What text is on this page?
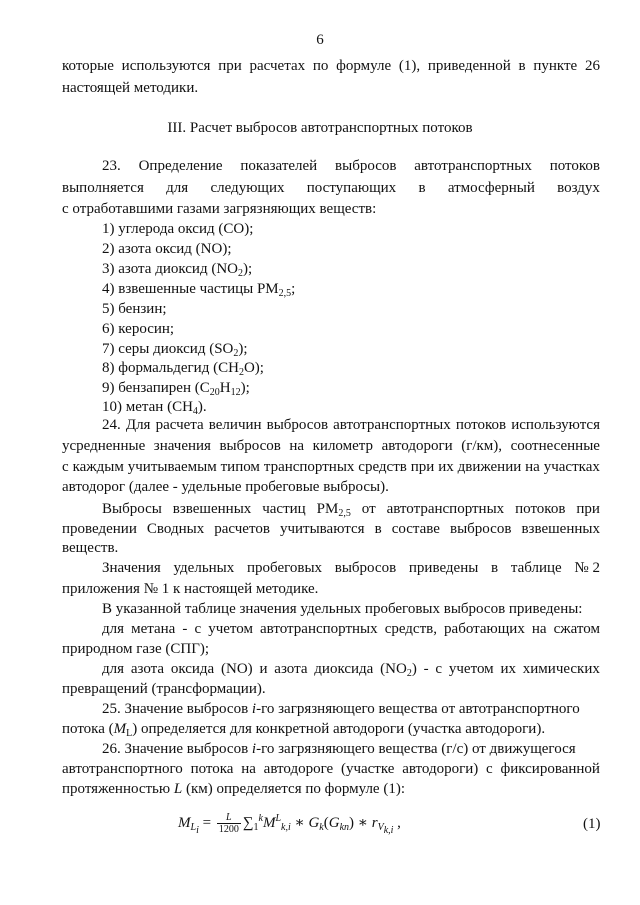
6
которые используются при расчетах по формуле (1), приведенной в пункте 26
настоящей методики.
III. Расчет выбросов автотранспортных потоков
23. Определение показателей выбросов автотранспортных потоков
выполняется для следующих поступающих в атмосферный воздух
с отработавшими газами загрязняющих веществ:
1) углерода оксид (CO);
2) азота оксид (NO);
3) азота диоксид $(NO_2)$;
4) взвешенные частицы $PM_{2,5}$;
5) бензин;
6) керосин;
7) серы диоксид $(SO_2)$;
8) формальдегид $(CH_2O)$;
9) бензапирен $(C_{20}H_{12})$;
10) метан $(CH_4)$.
24. Для расчета величин выбросов автотранспортных потоков используются
усредненные значения выбросов на километр автодороги (г/км), соотнесенные
с каждым учитываемым типом транспортных средств при их движении на участках
автодорог (далее - удельные пробеговые выбросы).
Выбросы взвешенных частиц $PM_{2,5}$ от автотранспортных потоков при
проведении Сводных расчетов учитываются в составе выбросов взвешенных
веществ.
Значения удельных пробеговых выбросов приведены в таблице № 2
приложения № 1 к настоящей методике.
В указанной таблице значения удельных пробеговых выбросов приведены:
для метана - с учетом автотранспортных средств, работающих на сжатом
природном газе (СПГ);
для азота оксида (NO) и азота диоксида $(NO_2)$ - с учетом их химических
превращений (трансформации).
25. Значение выбросов i-го загрязняющего вещества от автотранспортного
потока $(M_L)$ определяется для конкретной автодороги (участка автодороги).
26. Значение выбросов i-го загрязняющего вещества (г/с) от движущегося
автотранспортного потока на автодороге (участке автодороги) с фиксированной
протяженностью L (км) определяется по формуле (1):
$M_{L_i} = \frac{L}{1200} \sum_1^kM^L_{k,i}$ ∗ $G_k(G_{kn})$ ∗ $r_{V_{k,i}}$ ,	(1)
